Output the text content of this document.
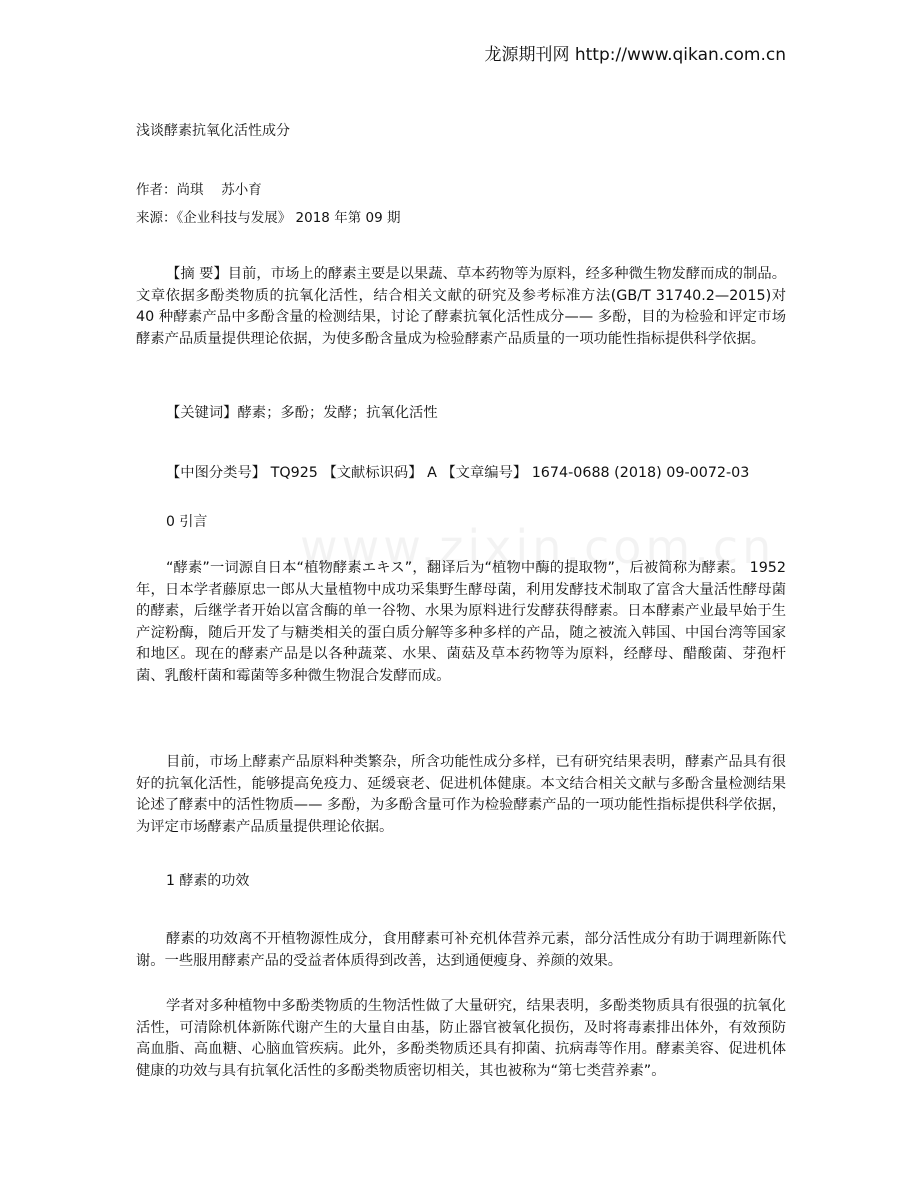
龙源期刊网 http://www.qikan.com.cn
浅谈酵素抗氧化活性成分
作者：尚琪　 苏小育
来源：《企业科技与发展》 2018 年第 09 期

【摘 要】目前，市场上的酵素主要是以果蔬、草本药物等为原料，经多种微生物发酵而成的制品。文章依据多酚类物质的抗氧化活性，结合相关文献的研究及参考标准方法(GB/T 31740.2—2015)对 40 种酵素产品中多酚含量的检测结果，讨论了酵素抗氧化活性成分—— 多酚，目的为检验和评定市场酵素产品质量提供理论依据，为使多酚含量成为检验酵素产品质量的一项功能性指标提供科学依据。

【关键词】酵素；多酚；发酵；抗氧化活性

【中图分类号】 TQ925 【文献标识码】 A 【文章编号】 1674-0688 (2018) 09-0072-03

0 引言

“酵素”一词源自日本“植物酵素エキス”，翻译后为“植物中酶的提取物”，后被简称为酵素。 1952 年，日本学者藤原忠一郎从大量植物中成功采集野生酵母菌，利用发酵技术制取了富含大量活性酵母菌的酵素，后继学者开始以富含酶的单一谷物、水果为原料进行发酵获得酵素。日本酵素产业最早始于生产淀粉酶，随后开发了与糖类相关的蛋白质分解等多种多样的产品，随之被流入韩国、中国台湾等国家和地区。现在的酵素产品是以各种蔬菜、水果、菌菇及草本药物等为原料，经酵母、醋酸菌、芽孢杆菌、乳酸杆菌和霉菌等多种微生物混合发酵而成。

目前，市场上酵素产品原料种类繁杂，所含功能性成分多样，已有研究结果表明，酵素产品具有很好的抗氧化活性，能够提高免疫力、延缓衰老、促进机体健康。本文结合相关文献与多酚含量检测结果论述了酵素中的活性物质—— 多酚，为多酚含量可作为检验酵素产品的一项功能性指标提供科学依据，为评定市场酵素产品质量提供理论依据。

1 酵素的功效

酵素的功效离不开植物源性成分，食用酵素可补充机体营养元素，部分活性成分有助于调理新陈代谢。一些服用酵素产品的受益者体质得到改善，达到通便瘦身、养颜的效果。

学者对多种植物中多酚类物质的生物活性做了大量研究，结果表明，多酚类物质具有很强的抗氧化活性，可清除机体新陈代谢产生的大量自由基，防止器官被氧化损伤，及时将毒素排出体外，有效预防高血脂、高血糖、心脑血管疾病。此外，多酚类物质还具有抑菌、抗病毒等作用。酵素美容、促进机体健康的功效与具有抗氧化活性的多酚类物质密切相关，其也被称为“第七类营养素”。
